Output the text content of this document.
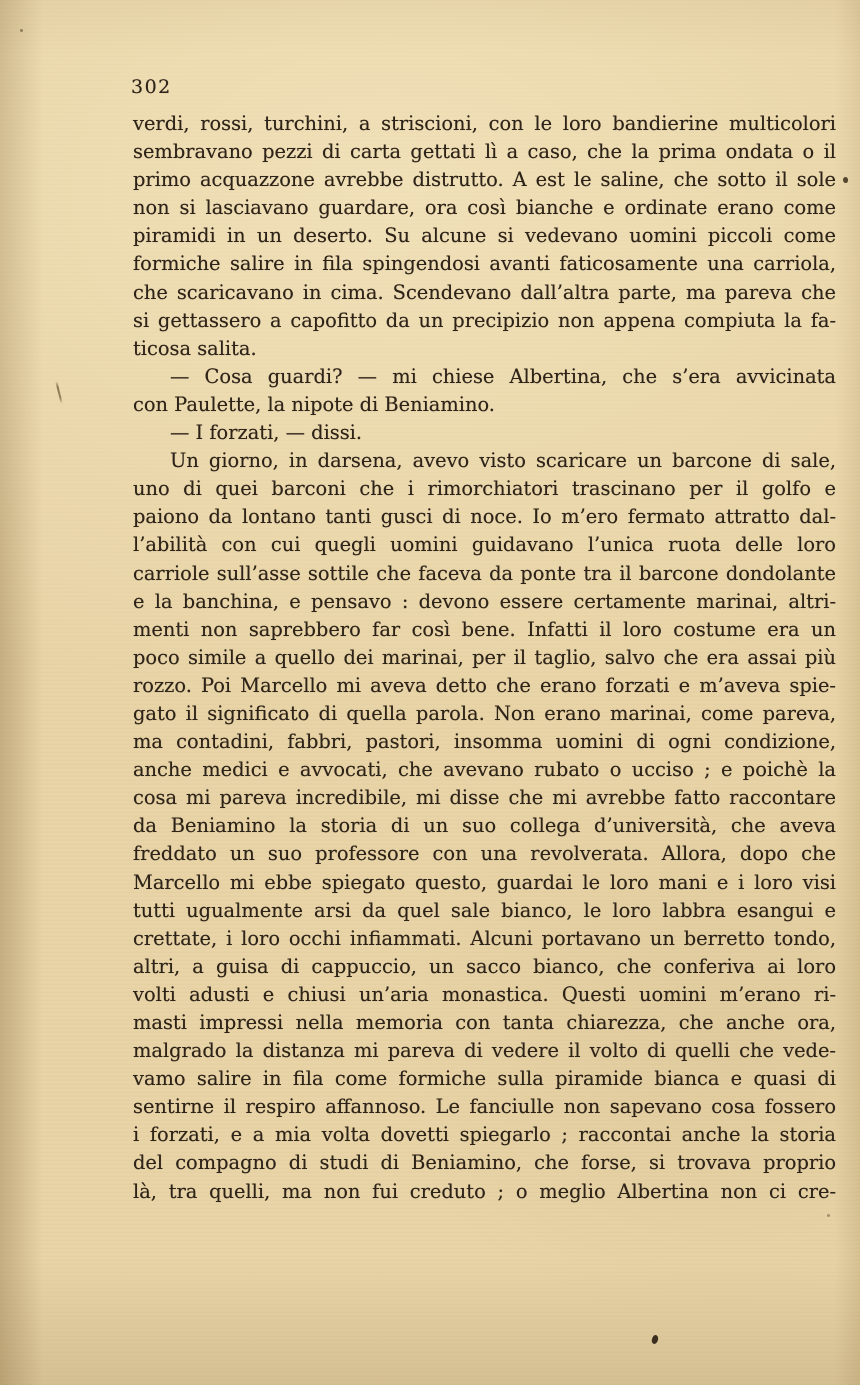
302
verdi, rossi, turchini, a striscioni, con le loro bandierine multicolori
sembravano pezzi di carta gettati lì a caso, che la prima ondata o il
primo acquazzone avrebbe distrutto. A est le saline, che sotto il sole
non si lasciavano guardare, ora così bianche e ordinate erano come
piramidi in un deserto. Su alcune si vedevano uomini piccoli come
formiche salire in fila spingendosi avanti faticosamente una carriola,
che scaricavano in cima. Scendevano dall’altra parte, ma pareva che
si gettassero a capofitto da un precipizio non appena compiuta la fa-
ticosa salita.
— Cosa guardi? — mi chiese Albertina, che s’era avvicinata
con Paulette, la nipote di Beniamino.
— I forzati, — dissi.
Un giorno, in darsena, avevo visto scaricare un barcone di sale,
uno di quei barconi che i rimorchiatori trascinano per il golfo e
paiono da lontano tanti gusci di noce. Io m’ero fermato attratto dal-
l’abilità con cui quegli uomini guidavano l’unica ruota delle loro
carriole sull’asse sottile che faceva da ponte tra il barcone dondolante
e la banchina, e pensavo : devono essere certamente marinai, altri-
menti non saprebbero far così bene. Infatti il loro costume era un
poco simile a quello dei marinai, per il taglio, salvo che era assai più
rozzo. Poi Marcello mi aveva detto che erano forzati e m’aveva spie-
gato il significato di quella parola. Non erano marinai, come pareva,
ma contadini, fabbri, pastori, insomma uomini di ogni condizione,
anche medici e avvocati, che avevano rubato o ucciso ; e poichè la
cosa mi pareva incredibile, mi disse che mi avrebbe fatto raccontare
da Beniamino la storia di un suo collega d’università, che aveva
freddato un suo professore con una revolverata. Allora, dopo che
Marcello mi ebbe spiegato questo, guardai le loro mani e i loro visi
tutti ugualmente arsi da quel sale bianco, le loro labbra esangui e
crettate, i loro occhi infiammati. Alcuni portavano un berretto tondo,
altri, a guisa di cappuccio, un sacco bianco, che conferiva ai loro
volti adusti e chiusi un’aria monastica. Questi uomini m’erano ri-
masti impressi nella memoria con tanta chiarezza, che anche ora,
malgrado la distanza mi pareva di vedere il volto di quelli che vede-
vamo salire in fila come formiche sulla piramide bianca e quasi di
sentirne il respiro affannoso. Le fanciulle non sapevano cosa fossero
i forzati, e a mia volta dovetti spiegarlo ; raccontai anche la storia
del compagno di studi di Beniamino, che forse, si trovava proprio
là, tra quelli, ma non fui creduto ; o meglio Albertina non ci cre-
